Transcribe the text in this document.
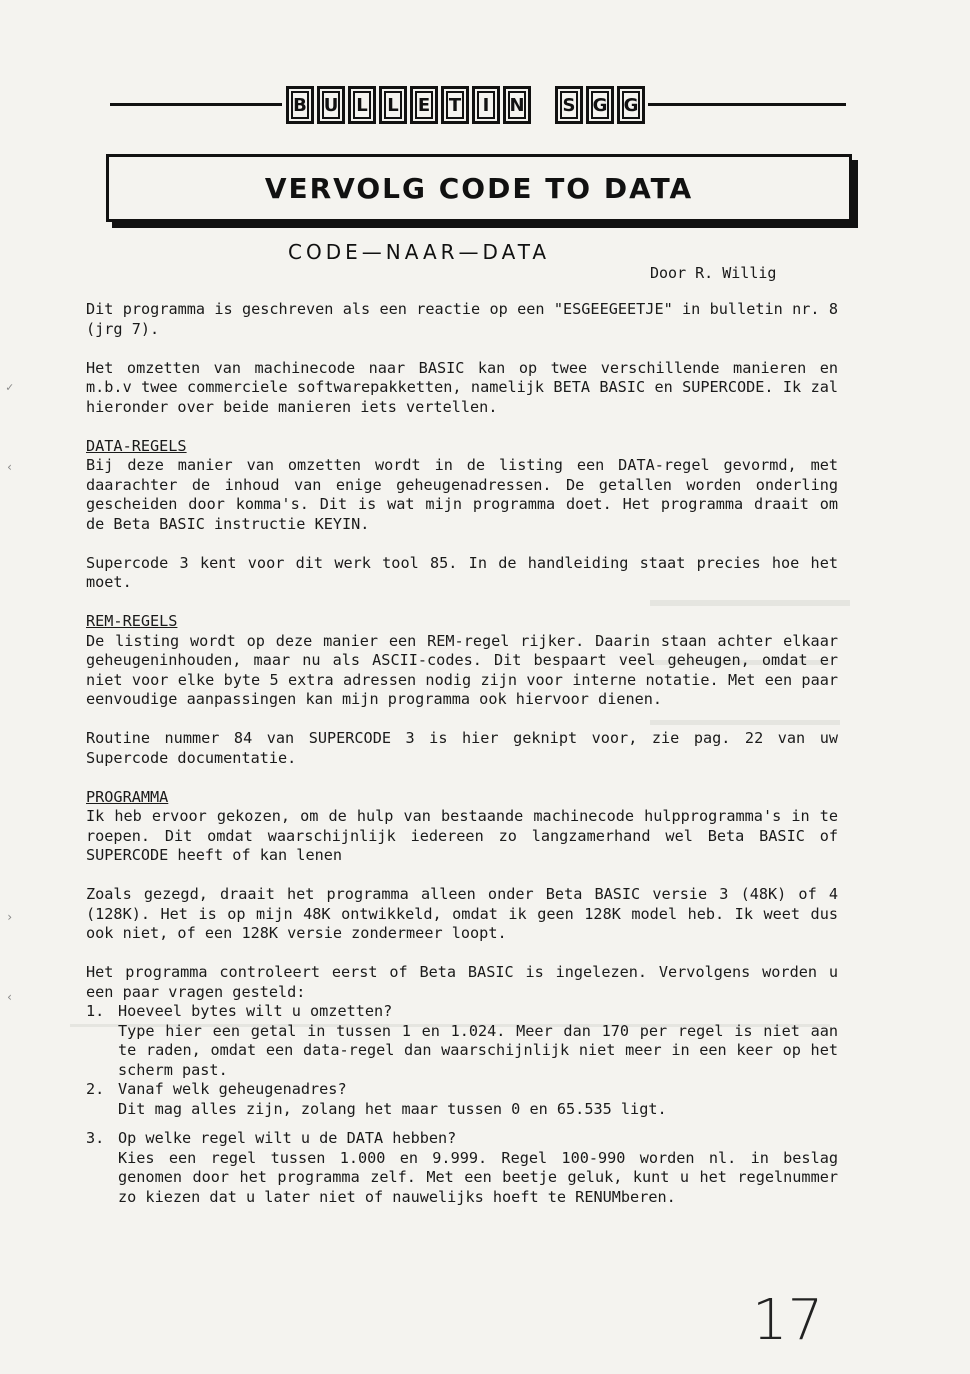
✓
‹
›
‹
B U L	L	E	T	I	N	S G G
VERVOLG CODE TO DATA
CODE—NAAR—DATA
Door R. Willig

Dit programma is geschreven als een reactie op een "ESGEEGEETJE" in bulletin nr. 8 (jrg 7).

Het omzetten van machinecode naar BASIC kan op twee verschillende manieren en m.b.v twee commerciele softwarepakketten, namelijk BETA BASIC en SUPERCODE. Ik zal hieronder over beide manieren iets vertellen.

DATA-REGELS

Bij deze manier van omzetten wordt in de listing een DATA-regel gevormd, met daarachter de inhoud van enige geheugenadressen. De getallen worden onderling gescheiden door komma's. Dit is wat mijn programma doet. Het programma draait om de Beta BASIC instructie KEYIN.

Supercode 3 kent voor dit werk tool 85. In de handleiding staat precies hoe het moet.

REM-REGELS

De listing wordt op deze manier een REM-regel rijker. Daarin staan achter elkaar geheugeninhouden, maar nu als ASCII-codes. Dit bespaart veel geheugen, omdat er niet voor elke byte 5 extra adressen nodig zijn voor interne notatie. Met een paar eenvoudige aanpassingen kan mijn programma ook hiervoor dienen.

Routine nummer 84 van SUPERCODE 3 is hier geknipt voor, zie pag. 22 van uw Supercode documentatie.

PROGRAMMA

Ik heb ervoor gekozen, om de hulp van bestaande machinecode hulpprogramma's in te roepen. Dit omdat waarschijnlijk iedereen zo langzamerhand wel Beta BASIC of SUPERCODE heeft of kan lenen

Zoals gezegd, draait het programma alleen onder Beta BASIC versie 3 (48K) of 4 (128K). Het is op mijn 48K ontwikkeld, omdat ik geen 128K model heb. Ik weet dus ook niet, of een 128K versie zondermeer loopt.

Het programma controleert eerst of Beta BASIC is ingelezen. Vervolgens worden u een paar vragen gesteld:

1. Hoeveel bytes wilt u omzetten?
Type hier een getal in tussen 1 en 1.024. Meer dan 170 per regel is niet aan te raden, omdat een data-regel dan waarschijnlijk niet meer in een keer op het scherm past.
2. Vanaf welk geheugenadres?
Dit mag alles zijn, zolang het maar tussen 0 en 65.535 ligt.
3. Op welke regel wilt u de DATA hebben?
Kies een regel tussen 1.000 en 9.999. Regel 100-990 worden nl. in beslag genomen door het programma zelf. Met een beetje geluk, kunt u het regelnummer zo kiezen dat u later niet of nauwelijks hoeft te RENUMberen.
17
